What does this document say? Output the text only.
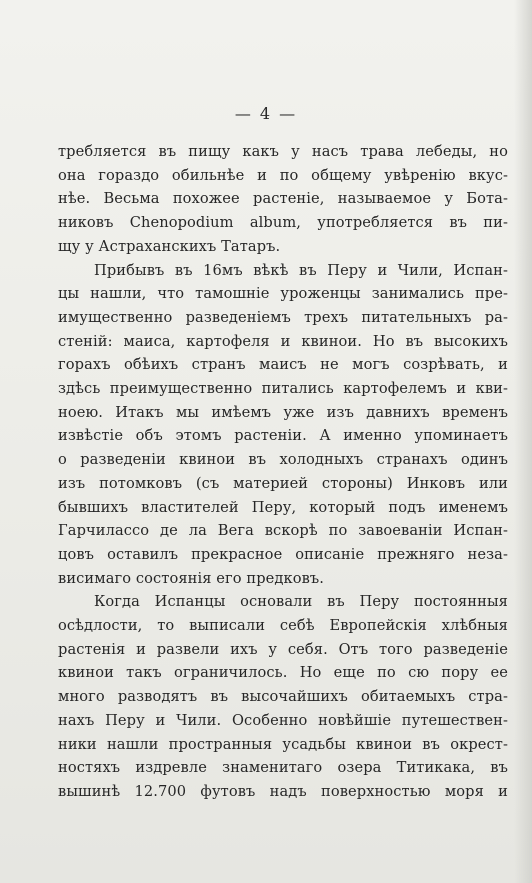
— 4 —
требляется въ пищу какъ у насъ трава лебеды, но
она гораздо обильнѣе и по общему увѣренію вкус-
нѣе. Весьма похожее растеніе, называемое у Бота-
никовъ Chenopodium album, употребляется въ пи-
щу у Астраханскихъ Татаръ.
Прибывъ въ 16мъ вѣкѣ въ Перу и Чили, Испан-
цы нашли, что тамошніе уроженцы занимались пре-
имущественно разведеніемъ трехъ питательныхъ ра-
стеній: маиса, картофеля и квинои. Но въ высокихъ
горахъ обѣихъ странъ маисъ не могъ созрѣвать, и
здѣсь преимущественно питались картофелемъ и кви-
ноею. Итакъ мы имѣемъ уже изъ давнихъ временъ
извѣстіе объ этомъ растеніи. А именно упоминаетъ
о разведеніи квинои въ холодныхъ странахъ одинъ
изъ потомковъ (съ материей стороны) Инковъ или
бывшихъ властителей Перу, который подъ именемъ
Гарчилассо де ла Вега вскорѣ по завоеваніи Испан-
цовъ оставилъ прекрасное описаніе прежняго неза-
висимаго состоянія его предковъ.
Когда Испанцы основали въ Перу постоянныя
осѣдлости, то выписали себѣ Европейскія хлѣбныя
растенія и развели ихъ у себя. Отъ того разведеніе
квинои такъ ограничилось. Но еще по сю пору ее
много разводятъ въ высочайшихъ обитаемыхъ стра-
нахъ Перу и Чили. Особенно новѣйшіе путешествен-
ники нашли пространныя усадьбы квинои въ окрест-
ностяхъ издревле знаменитаго озера Титикака, въ
вышинѣ 12.700 футовъ надъ поверхностью моря и
